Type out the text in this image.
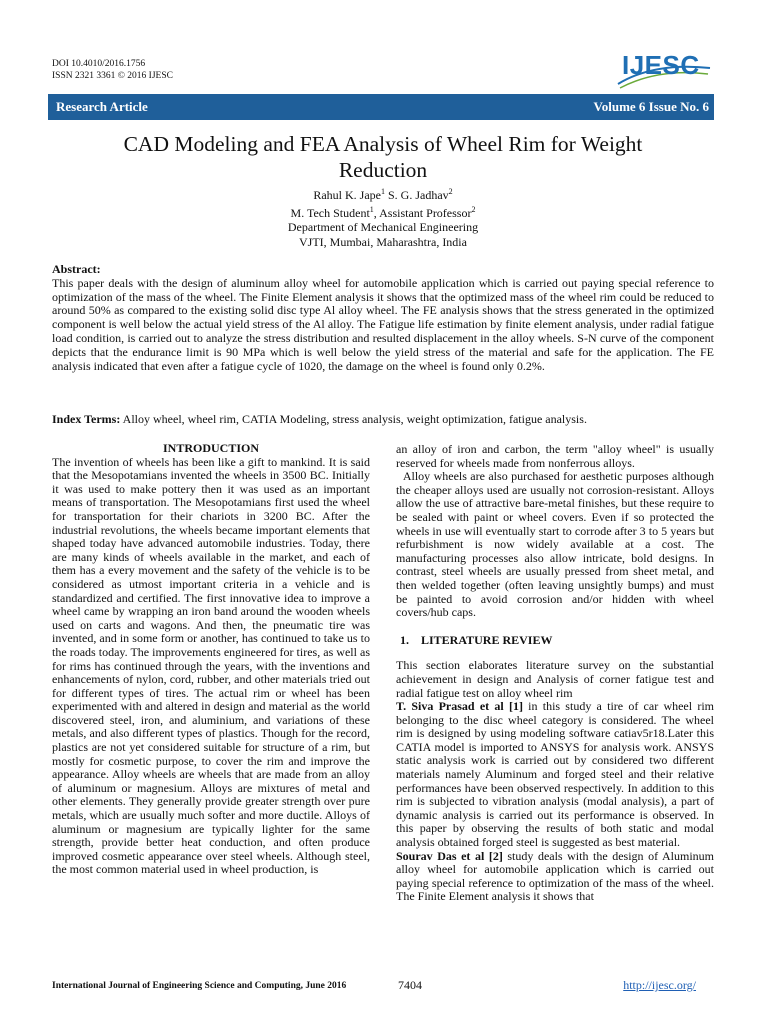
DOI 10.4010/2016.1756
ISSN 2321 3361 © 2016 IJESC	IJESC
Research Article	Volume 6 Issue No. 6
CAD Modeling and FEA Analysis of Wheel Rim for Weight
Reduction
Rahul K. Jape$^1$ S. G. Jadhav$^2$
M. Tech Student$^1$, Assistant Professor$^2$
Department of Mechanical Engineering
VJTI, Mumbai, Maharashtra, India
Abstract:
This paper deals with the design of aluminum alloy wheel for automobile application which is carried out paying special reference to optimization of the mass of the wheel. The Finite Element analysis it shows that the optimized mass of the wheel rim could be reduced to around 50% as compared to the existing solid disc type Al alloy wheel. The FE analysis shows that the stress generated in the optimized component is well below the actual yield stress of the Al alloy. The Fatigue life estimation by finite element analysis, under radial fatigue load condition, is carried out to analyze the stress distribution and resulted displacement in the alloy wheels. S-N curve of the component depicts that the endurance limit is 90 MPa which is well below the yield stress of the material and safe for the application. The FE analysis indicated that even after a fatigue cycle of 1020, the damage on the wheel is found only 0.2%.
Index Terms: Alloy wheel, wheel rim, CATIA Modeling, stress analysis, weight optimization, fatigue analysis.
INTRODUCTION

The invention of wheels has been like a gift to mankind. It is said that the Mesopotamians invented the wheels in 3500 BC. Initially it was used to make pottery then it was used as an important means of transportation. The Mesopotamians first used the wheel for transportation for their chariots in 3200 BC. After the industrial revolutions, the wheels became important elements that shaped today have advanced automobile industries. Today, there are many kinds of wheels available in the market, and each of them has a every movement and the safety of the vehicle is to be considered as utmost important criteria in a vehicle and is standardized and certified. The first innovative idea to improve a wheel came by wrapping an iron band around the wooden wheels used on carts and wagons. And then, the pneumatic tire was invented, and in some form or another, has continued to take us to the roads today. The improvements engineered for tires, as well as for rims has continued through the years, with the inventions and enhancements of nylon, cord, rubber, and other materials tried out for different types of tires. The actual rim or wheel has been experimented with and altered in design and material as the world discovered steel, iron, and aluminium, and variations of these metals, and also different types of plastics. Though for the record, plastics are not yet considered suitable for structure of a rim, but mostly for cosmetic purpose, to cover the rim and improve the appearance. Alloy wheels are wheels that are made from an alloy of aluminum or magnesium. Alloys are mixtures of metal and other elements. They generally provide greater strength over pure metals, which are usually much softer and more ductile. Alloys of aluminum or magnesium are typically lighter for the same strength, provide better heat conduction, and often produce improved cosmetic appearance over steel wheels. Although steel, the most common material used in wheel production, is

an alloy of iron and carbon, the term "alloy wheel" is usually reserved for wheels made from nonferrous alloys.

Alloy wheels are also purchased for aesthetic purposes although the cheaper alloys used are usually not corrosion-resistant. Alloys allow the use of attractive bare-metal finishes, but these require to be sealed with paint or wheel covers. Even if so protected the wheels in use will eventually start to corrode after 3 to 5 years but refurbishment is now widely available at a cost. The manufacturing processes also allow intricate, bold designs. In contrast, steel wheels are usually pressed from sheet metal, and then welded together (often leaving unsightly bumps) and must be painted to avoid corrosion and/or hidden with wheel covers/hub caps.

1.    LITERATURE REVIEW

This section elaborates literature survey on the substantial achievement in design and Analysis of corner fatigue test and radial fatigue test on alloy wheel rim

T. Siva Prasad et al [1] in this study a tire of car wheel rim belonging to the disc wheel category is considered. The wheel rim is designed by using modeling software catiav5r18.Later this CATIA model is imported to ANSYS for analysis work. ANSYS static analysis work is carried out by considered two different materials namely Aluminum and forged steel and their relative performances have been observed respectively. In addition to this rim is subjected to vibration analysis (modal analysis), a part of dynamic analysis is carried out its performance is observed. In this paper by observing the results of both static and modal analysis obtained forged steel is suggested as best material.

Sourav Das et al [2] study deals with the design of Aluminum alloy wheel for automobile application which is carried out paying special reference to optimization of the mass of the wheel. The Finite Element analysis it shows that

International Journal of Engineering Science and Computing, June 2016	7404	http://ijesc.org/
